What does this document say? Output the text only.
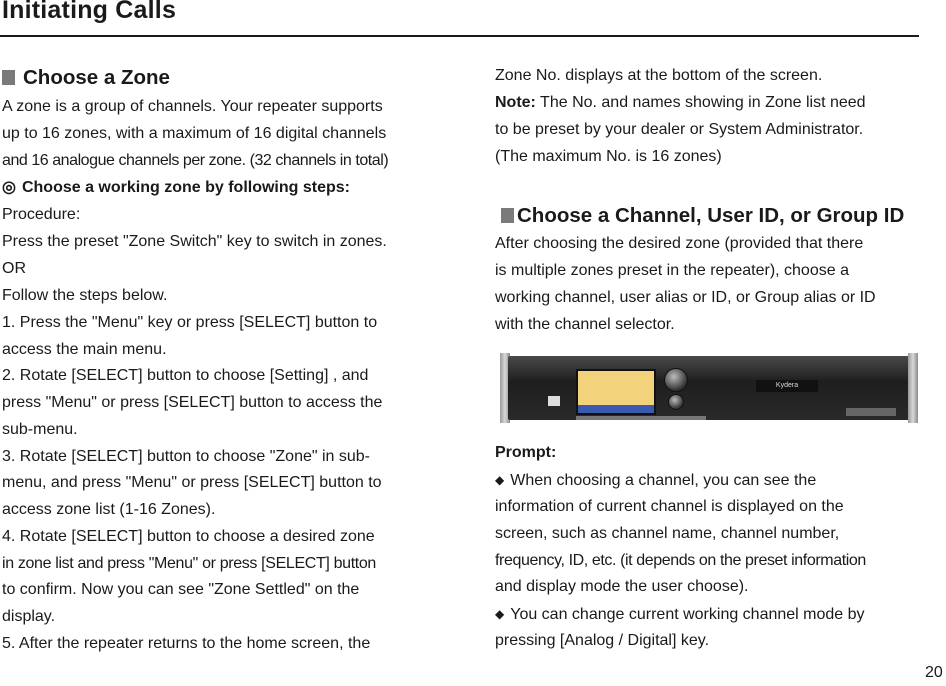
Initiating Calls
Choose a Zone
A zone is a group of channels. Your repeater supports
up to 16 zones, with a maximum of 16 digital channels
and 16 analogue channels per zone. (32 channels in total)
◎ Choose a working zone by following steps:
Procedure:
Press the preset "Zone Switch" key to switch in zones.
OR
Follow the steps below.
1. Press the "Menu" key or press [SELECT] button to
access the main menu.
2. Rotate [SELECT] button to choose [Setting] , and
press "Menu" or press [SELECT] button to access the
sub-menu.
3. Rotate [SELECT] button to choose "Zone" in sub-
menu, and press "Menu" or press [SELECT] button to
access zone list (1-16 Zones).
4. Rotate [SELECT] button to choose a desired zone
in zone list and press "Menu" or press [SELECT] button
to confirm. Now you can see "Zone Settled" on the
display.
5. After the repeater returns to the home screen, the
Zone No. displays at the bottom of the screen.
Note: The No. and names showing in Zone list need
to be preset by your dealer or System Administrator.
(The maximum No. is 16 zones)
Choose a Channel, User ID, or Group ID
After choosing the desired zone (provided that there
is multiple zones preset in the repeater), choose a
working channel, user alias or ID, or Group alias or ID
with the channel selector.
Prompt:
◆ When choosing a channel, you can see the
information of current channel is displayed on the
screen, such as channel name, channel number,
frequency, ID, etc. (it depends on the preset information
and display mode the user choose).
◆ You can change current working channel mode by
pressing [Analog / Digital] key.
Kydera
20
